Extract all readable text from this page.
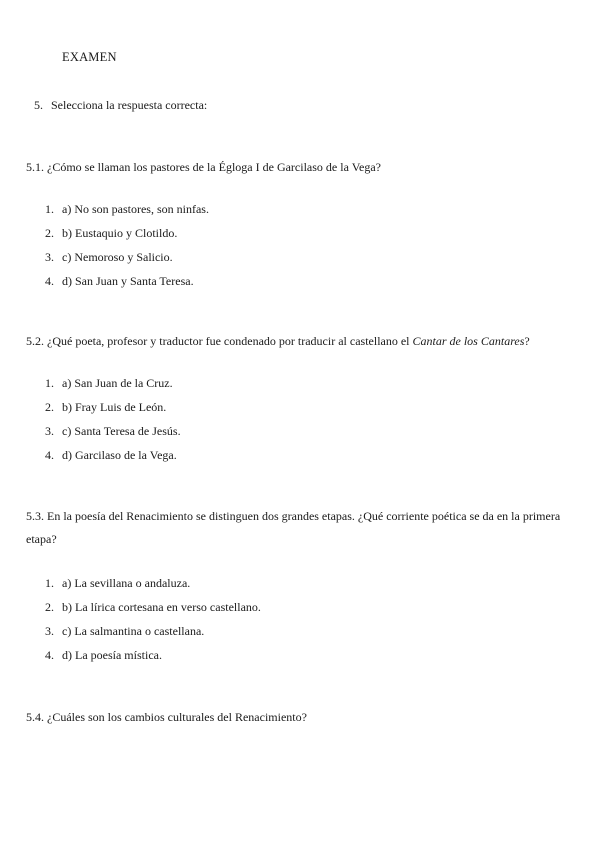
EXAMEN
5. Selecciona la respuesta correcta:
5.1. ¿Cómo se llaman los pastores de la Égloga I de Garcilaso de la Vega?
1. a) No son pastores, son ninfas.
2. b) Eustaquio y Clotildo.
3. c) Nemoroso y Salicio.
4. d) San Juan y Santa Teresa.
5.2. ¿Qué poeta, profesor y traductor fue condenado por traducir al castellano el Cantar de los Cantares?
1. a) San Juan de la Cruz.
2. b) Fray Luis de León.
3. c) Santa Teresa de Jesús.
4. d) Garcilaso de la Vega.
5.3. En la poesía del Renacimiento se distinguen dos grandes etapas. ¿Qué corriente poética se da en la primera etapa?
1. a) La sevillana o andaluza.
2. b) La lírica cortesana en verso castellano.
3. c) La salmantina o castellana.
4. d) La poesía mística.
5.4. ¿Cuáles son los cambios culturales del Renacimiento?
